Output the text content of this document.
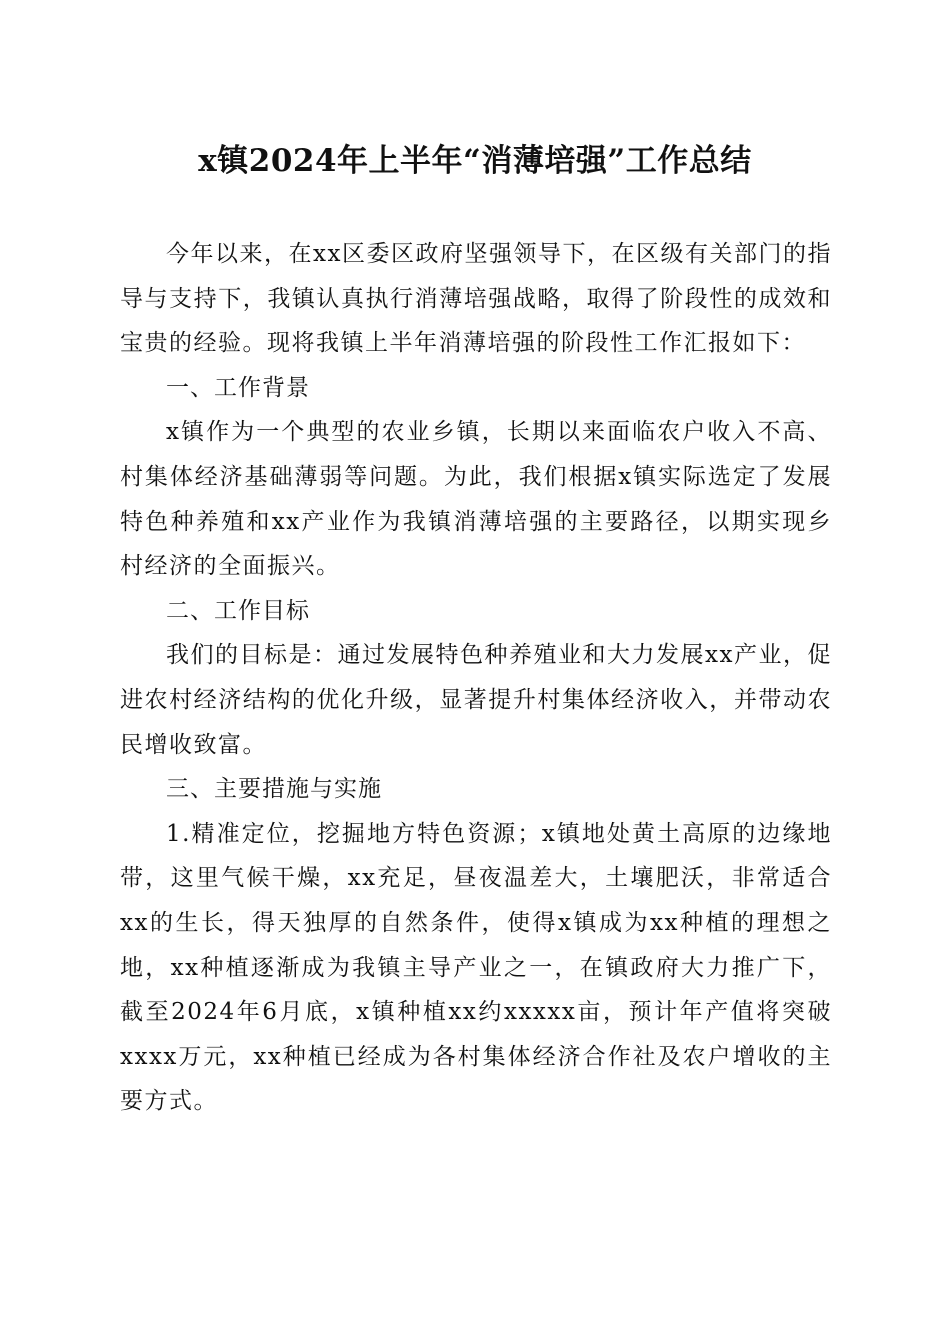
x镇2024年上半年“消薄培强”工作总结

今年以来，在xx区委区政府坚强领导下，在区级有关部门的指导与支持下，我镇认真执行消薄培强战略，取得了阶段性的成效和宝贵的经验。现将我镇上半年消薄培强的阶段性工作汇报如下：

一、工作背景

x镇作为一个典型的农业乡镇，长期以来面临农户收入不高、村集体经济基础薄弱等问题。为此，我们根据x镇实际选定了发展特色种养殖和xx产业作为我镇消薄培强的主要路径，以期实现乡村经济的全面振兴。

二、工作目标

我们的目标是：通过发展特色种养殖业和大力发展xx产业，促进农村经济结构的优化升级，显著提升村集体经济收入，并带动农民增收致富。

三、主要措施与实施

1.精准定位，挖掘地方特色资源；x镇地处黄土高原的边缘地带，这里气候干燥，xx充足，昼夜温差大，土壤肥沃，非常适合xx的生长，得天独厚的自然条件，使得x镇成为xx种植的理想之地，xx种植逐渐成为我镇主导产业之一，在镇政府大力推广下，截至2024年6月底，x镇种植xx约xxxxx亩，预计年产值将突破xxxx万元，xx种植已经成为各村集体经济合作社及农户增收的主要方式。
